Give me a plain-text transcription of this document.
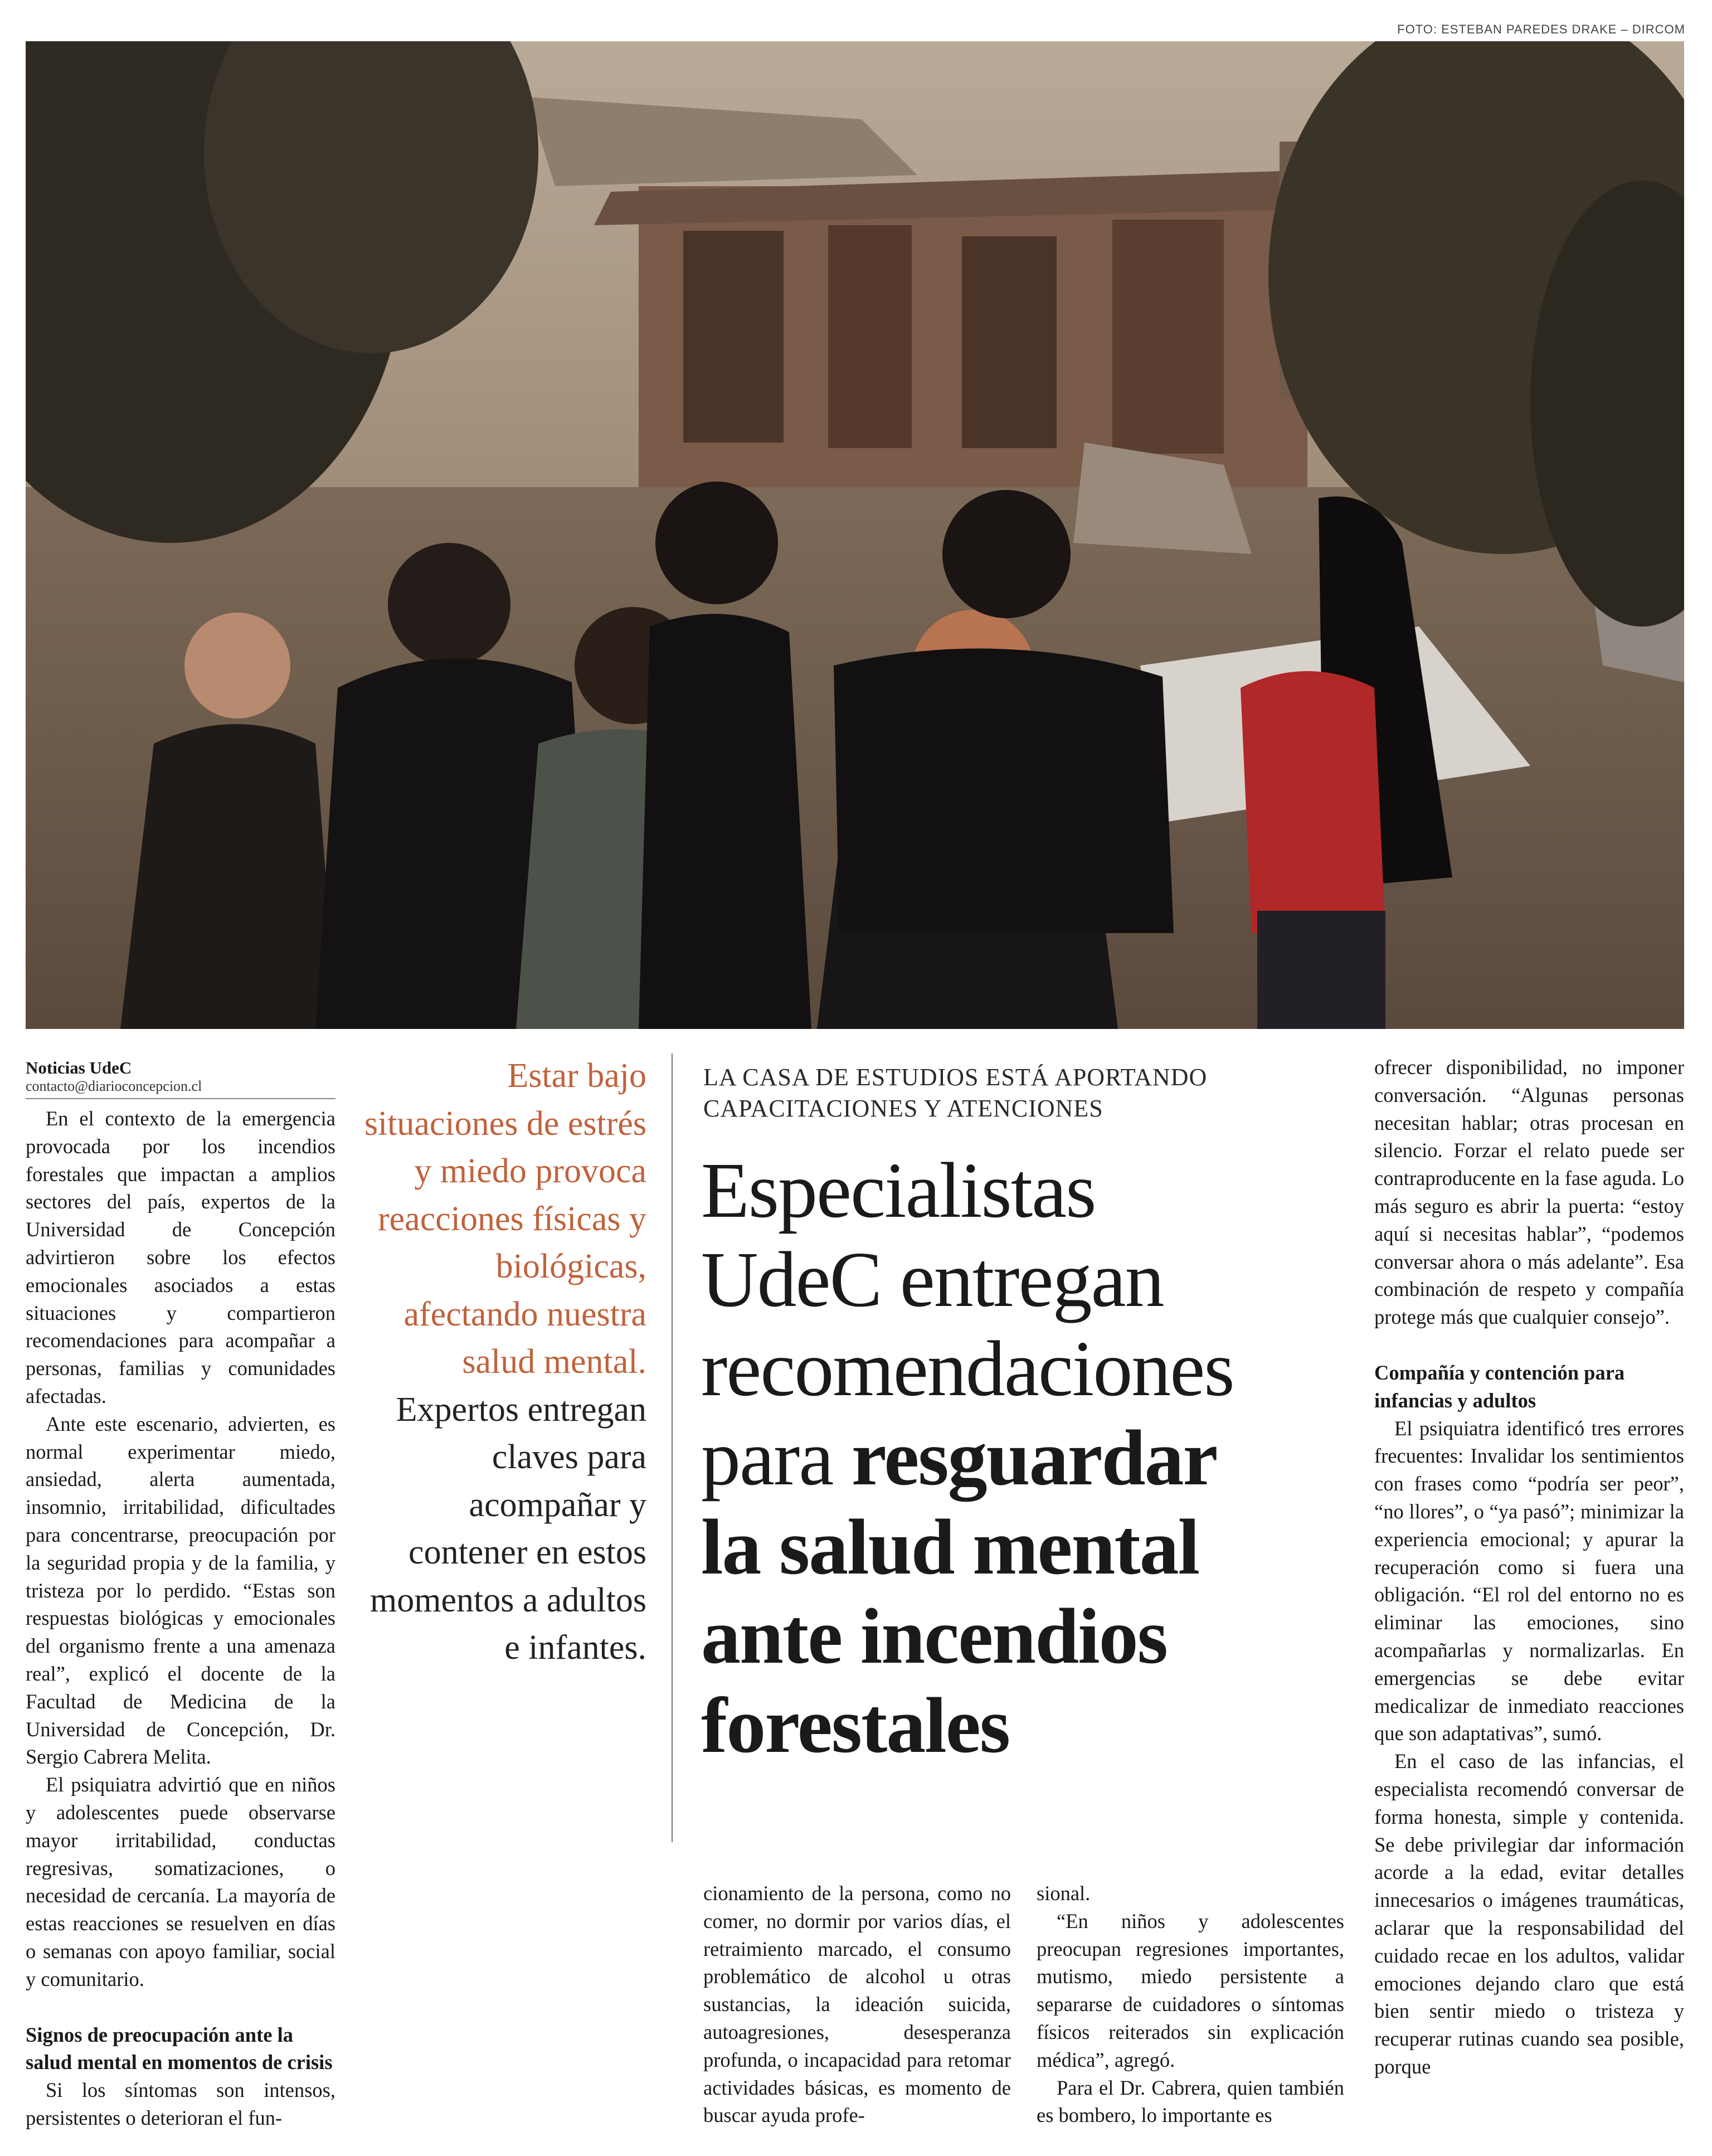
FOTO: ESTEBAN PAREDES DRAKE – DIRCOM
Noticias UdeC
contacto@diarioconcepcion.cl

En el contexto de la emergencia provocada por los incendios forestales que impactan a amplios sectores del país, expertos de la Universidad de Concepción advirtieron sobre los efectos emocionales asociados a estas situaciones y compartieron recomendaciones para acompañar a personas, familias y comunidades afectadas.

Ante este escenario, advierten, es normal experimentar miedo, ansiedad, alerta aumentada, insomnio, irritabilidad, dificultades para concentrarse, preocupación por la seguridad propia y de la familia, y tristeza por lo perdido. “Estas son respuestas biológicas y emocionales del organismo frente a una amenaza real”, explicó el docente de la Facultad de Medicina de la Universidad de Concepción, Dr. Sergio Cabrera Melita.

El psiquiatra advirtió que en niños y adolescentes puede observarse mayor irritabilidad, conductas regresivas, somatizaciones, o necesidad de cercanía. La mayoría de estas reacciones se resuelven en días o semanas con apoyo familiar, social y comunitario.

Signos de preocupación ante la salud mental en momentos de crisis

Si los síntomas son intensos, persistentes o deterioran el fun-

Estar bajo situaciones de estrés y miedo provoca reacciones físicas y biológicas, afectando nuestra salud mental. Expertos entregan claves para acompañar y contener en estos momentos a adultos e infantes.
LA CASA DE ESTUDIOS ESTÁ APORTANDO
CAPACITACIONES Y ATENCIONES
Especialistas
UdeC entregan
recomendaciones
para resguardar
la salud mental
ante incendios
forestales

cionamiento de la persona, como no comer, no dormir por varios días, el retraimiento marcado, el consumo problemático de alcohol u otras sustancias, la ideación suicida, autoagresiones, desesperanza profunda, o incapacidad para retomar actividades básicas, es momento de buscar ayuda profe-

sional.

“En niños y adolescentes preocupan regresiones importantes, mutismo, miedo persistente a separarse de cuidadores o síntomas físicos reiterados sin explicación médica”, agregó.

Para el Dr. Cabrera, quien también es bombero, lo importante es

ofrecer disponibilidad, no imponer conversación. “Algunas personas necesitan hablar; otras procesan en silencio. Forzar el relato puede ser contraproducente en la fase aguda. Lo más seguro es abrir la puerta: “estoy aquí si necesitas hablar”, “podemos conversar ahora o más adelante”. Esa combinación de respeto y compañía protege más que cualquier consejo”.

Compañía y contención para infancias y adultos

El psiquiatra identificó tres errores frecuentes: Invalidar los sentimientos con frases como “podría ser peor”, “no llores”, o “ya pasó”; minimizar la experiencia emocional; y apurar la recuperación como si fuera una obligación. “El rol del entorno no es eliminar las emociones, sino acompañarlas y normalizarlas. En emergencias se debe evitar medicalizar de inmediato reacciones que son adaptativas”, sumó.

En el caso de las infancias, el especialista recomendó conversar de forma honesta, simple y contenida. Se debe privilegiar dar información acorde a la edad, evitar detalles innecesarios o imágenes traumáticas, aclarar que la responsabilidad del cuidado recae en los adultos, validar emociones dejando claro que está bien sentir miedo o tristeza y recuperar rutinas cuando sea posible, porque
